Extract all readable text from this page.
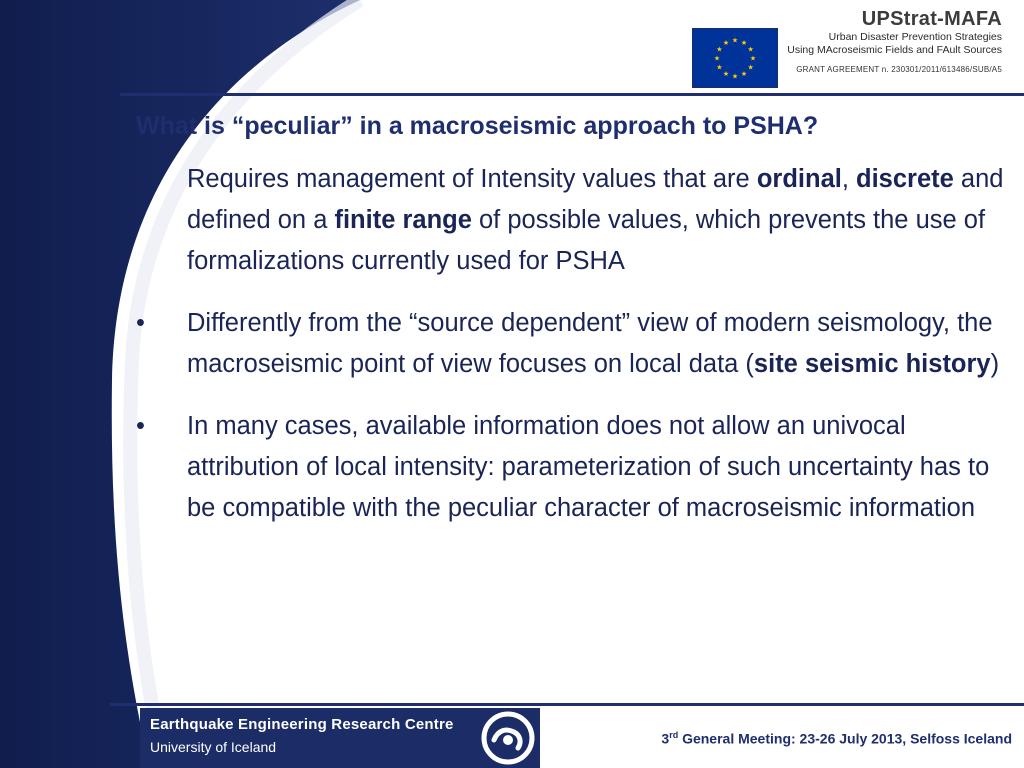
★ ★
★
★
★
★
★
★
★
★
★
★
UPStrat-MAFA
Urban Disaster Prevention Strategies
Using MAcroseismic Fields and FAult Sources
GRANT AGREEMENT n. 230301/2011/613486/SUB/A5
What is “peculiar” in a macroseismic approach to PSHA?
• Requires management of Intensity values that are ordinal, discrete and defined on a finite range of possible values, which prevents the use of formalizations currently used for PSHA
• Differently from the “source dependent” view of modern seismology, the macroseismic point of view focuses on local data (site seismic history)
• In many cases, available information does not allow an univocal attribution of local intensity: parameterization of such uncertainty has to be compatible with the peculiar character of macroseismic information
Earthquake Engineering Research Centre
University of Iceland
3rd General Meeting: 23-26 July 2013, Selfoss Iceland
